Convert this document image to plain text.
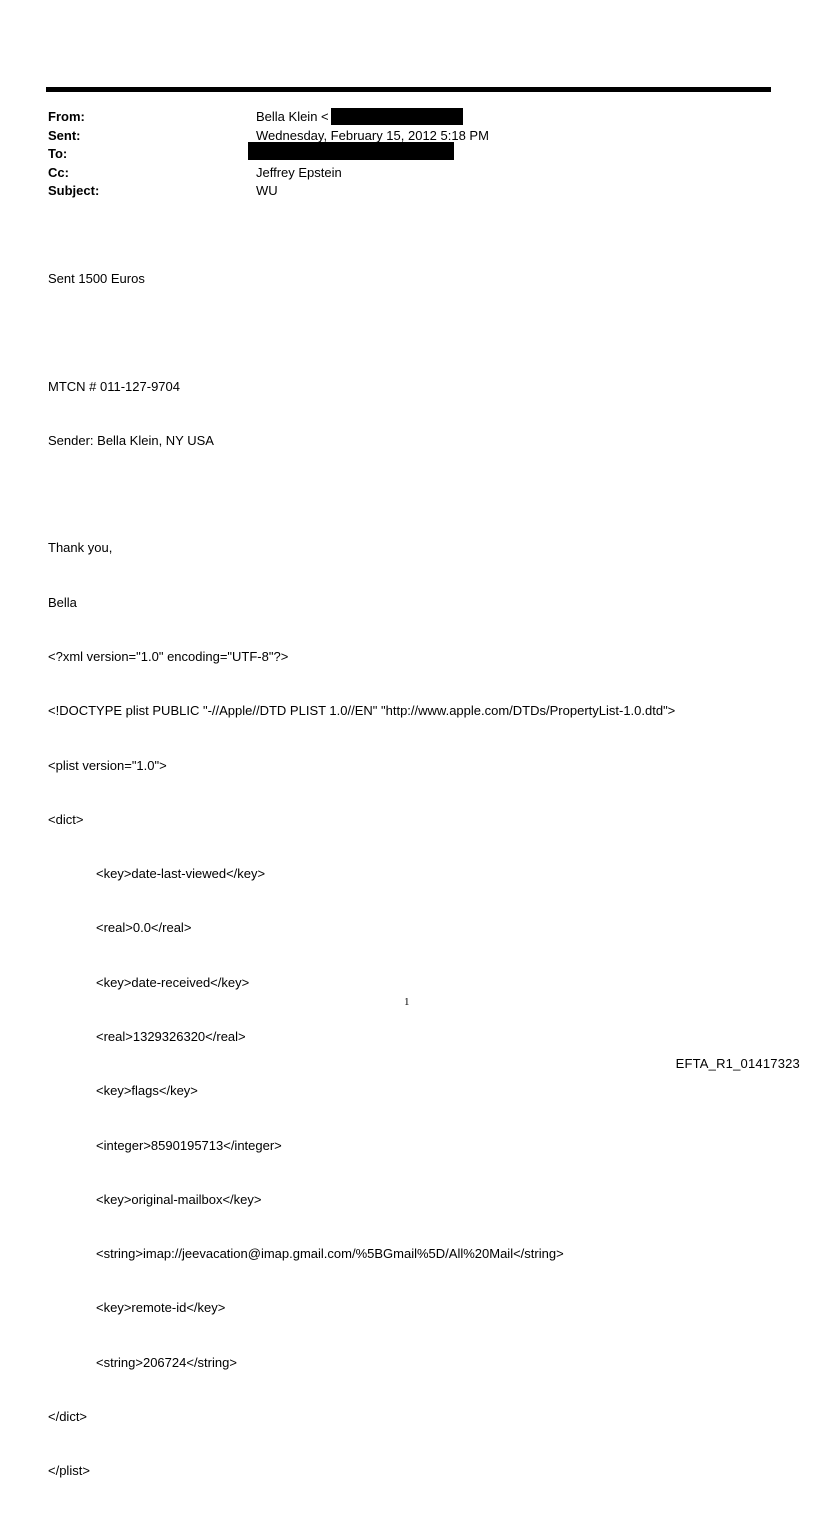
From:	Bella Klein <
Sent:	Wednesday, February 15, 2012 5:18 PM
To:
Cc:	Jeffrey Epstein
Subject:	WU

Sent 1500 Euros

MTCN # 011-127-9704

Sender: Bella Klein, NY USA

Thank you,

Bella

<?xml version="1.0" encoding="UTF-8"?>

<!DOCTYPE plist PUBLIC "-//Apple//DTD PLIST 1.0//EN" "http://www.apple.com/DTDs/PropertyList-1.0.dtd">

<plist version="1.0">

<dict>

<key>date-last-viewed</key>

<real>0.0</real>

<key>date-received</key>

<real>1329326320</real>

<key>flags</key>

<integer>8590195713</integer>

<key>original-mailbox</key>

<string>imap://jeevacation@imap.gmail.com/%5BGmail%5D/All%20Mail</string>

<key>remote-id</key>

<string>206724</string>

</dict>

</plist>

1
EFTA_R1_01417323
